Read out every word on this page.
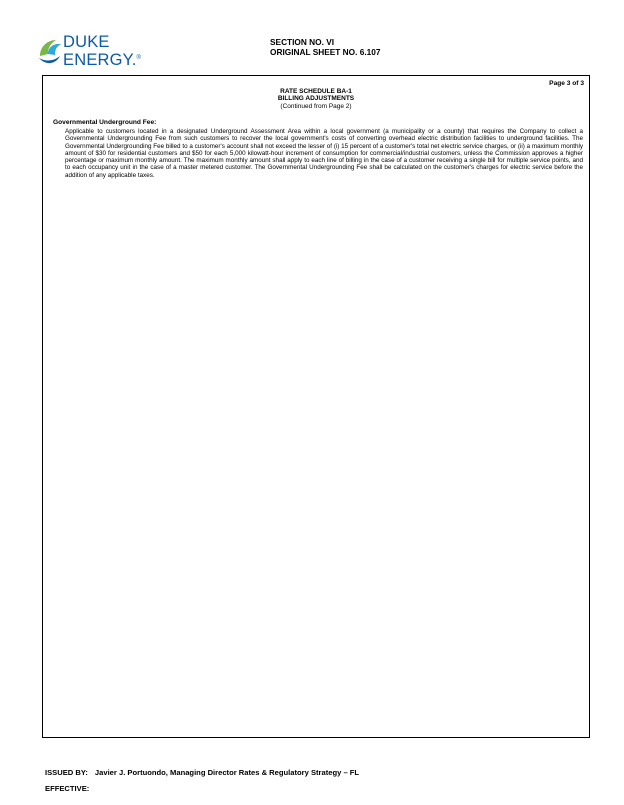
DUKE
ENERGY.®
SECTION NO. VI
ORIGINAL SHEET NO. 6.107
Page 3 of 3
RATE SCHEDULE BA-1
BILLING ADJUSTMENTS
(Continued from Page 2)
Governmental Underground Fee:
Applicable to customers located in a designated Underground Assessment Area within a local government (a municipality or a county) that requires the Company to collect a Governmental Undergrounding Fee from such customers to recover the local government's costs of converting overhead electric distribution facilities to underground facilities. The Governmental Undergrounding Fee billed to a customer's account shall not exceed the lesser of (i) 15 percent of a customer's total net electric service charges, or (ii) a maximum monthly amount of $30 for residential customers and $50 for each 5,000 kilowatt-hour increment of consumption for commercial/industrial customers, unless the Commission approves a higher percentage or maximum monthly amount. The maximum monthly amount shall apply to each line of billing in the case of a customer receiving a single bill for multiple service points, and to each occupancy unit in the case of a master metered customer. The Governmental Undergrounding Fee shall be calculated on the customer's charges for electric service before the addition of any applicable taxes.
ISSUED BY: Javier J. Portuondo, Managing Director Rates & Regulatory Strategy – FL
EFFECTIVE:
